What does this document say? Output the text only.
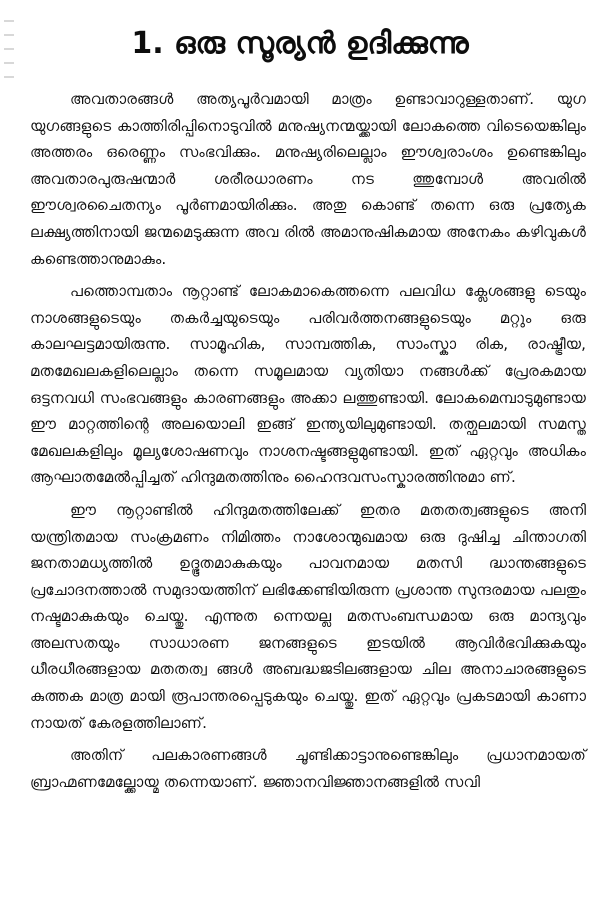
1. ഒരു സൂര്യൻ ഉദിക്കുന്നു

അവതാരങ്ങൾ അത്യപൂർവമായി മാത്രം ഉണ്ടാവാറുള്ളതാണ്. യുഗ യുഗങ്ങളുടെ കാത്തിരിപ്പിനൊടുവിൽ മനുഷ്യനന്മയ്ക്കായി ലോകത്തെ വിടെയെങ്കിലും അത്തരം ഒരെണ്ണം സംഭവിക്കും. മനുഷ്യരിലെല്ലാം ഈശ്വരാംശം ഉണ്ടെങ്കിലും അവതാരപുരുഷന്മാർ ശരീരധാരണം നട ത്തുമ്പോൾ അവരിൽ ഈശ്വരചൈതന്യം പൂർണമായിരിക്കും. അതു കൊണ്ട് തന്നെ ഒരു പ്രത്യേക ലക്ഷ്യത്തിനായി ജന്മമെടുക്കുന്ന അവ രിൽ അമാനുഷികമായ അനേകം കഴിവുകൾ കണ്ടെത്താനുമാകും.

പത്തൊമ്പതാം നൂറ്റാണ്ട് ലോകമാകെത്തന്നെ പലവിധ ക്ലേശങ്ങളു ടെയും നാശങ്ങളുടെയും തകർച്ചയുടെയും പരിവർത്തനങ്ങളുടെയും മറ്റും ഒരു കാലഘട്ടമായിരുന്നു. സാമൂഹിക, സാമ്പത്തിക, സാംസ്കാ രിക, രാഷ്ട്രീയ, മതമേഖലകളിലെല്ലാം തന്നെ സമൂലമായ വ്യതിയാ നങ്ങൾക്ക് പ്രേരകമായ ഒട്ടനവധി സംഭവങ്ങളും കാരണങ്ങളും അക്കാ ലത്തുണ്ടായി. ലോകമെമ്പാടുമുണ്ടായ ഈ മാറ്റത്തിന്റെ അലയൊലി ഇങ്ങ് ഇന്ത്യയിലുമുണ്ടായി. തത്ഫലമായി സമസ്ത മേഖലകളിലും മൂല്യശോഷണവും നാശനഷ്ടങ്ങളുമുണ്ടായി. ഇത് ഏറ്റവും അധികം ആഘാതമേൽപ്പിച്ചത് ഹിന്ദുമതത്തിനും ഹൈന്ദവസംസ്കാരത്തിനുമാ ണ്.

ഈ നൂറ്റാണ്ടിൽ ഹിന്ദുമതത്തിലേക്ക് ഇതര മതതത്വങ്ങളുടെ അനി യന്ത്രിതമായ സംക്രമണം നിമിത്തം നാശോന്മുഖമായ ഒരു ദുഷിച്ച ചിന്താഗതി ജനതാമധ്യത്തിൽ ഉദ്ഭൂതമാകുകയും പാവനമായ മതസി ദ്ധാന്തങ്ങളുടെ പ്രചോദനത്താൽ സമുദായത്തിന് ലഭിക്കേണ്ടിയിരുന്ന പ്രശാന്ത സുന്ദരമായ പലതും നഷ്ടമാകുകയും ചെയ്തു. എന്നുത ന്നെയല്ല മതസംബന്ധമായ ഒരു മാന്ദ്യവും അലസതയും സാധാരണ ജനങ്ങളുടെ ഇടയിൽ ആവിർഭവിക്കുകയും ധീരധീരങ്ങളായ മതതത്വ ങ്ങൾ അബദ്ധജടിലങ്ങളായ ചില അനാചാരങ്ങളുടെ കുത്തക മാത്ര മായി രൂപാന്തരപ്പെടുകയും ചെയ്തു. ഇത് ഏറ്റവും പ്രകടമായി കാണാ നായത് കേരളത്തിലാണ്.

അതിന് പലകാരണങ്ങൾ ചൂണ്ടിക്കാട്ടാനുണ്ടെങ്കിലും പ്രധാനമായത് ബ്രാഹ്മണമേല്ക്കോയ്മ തന്നെയാണ്. ജ്ഞാനവിജ്ഞാനങ്ങളിൽ സവി
